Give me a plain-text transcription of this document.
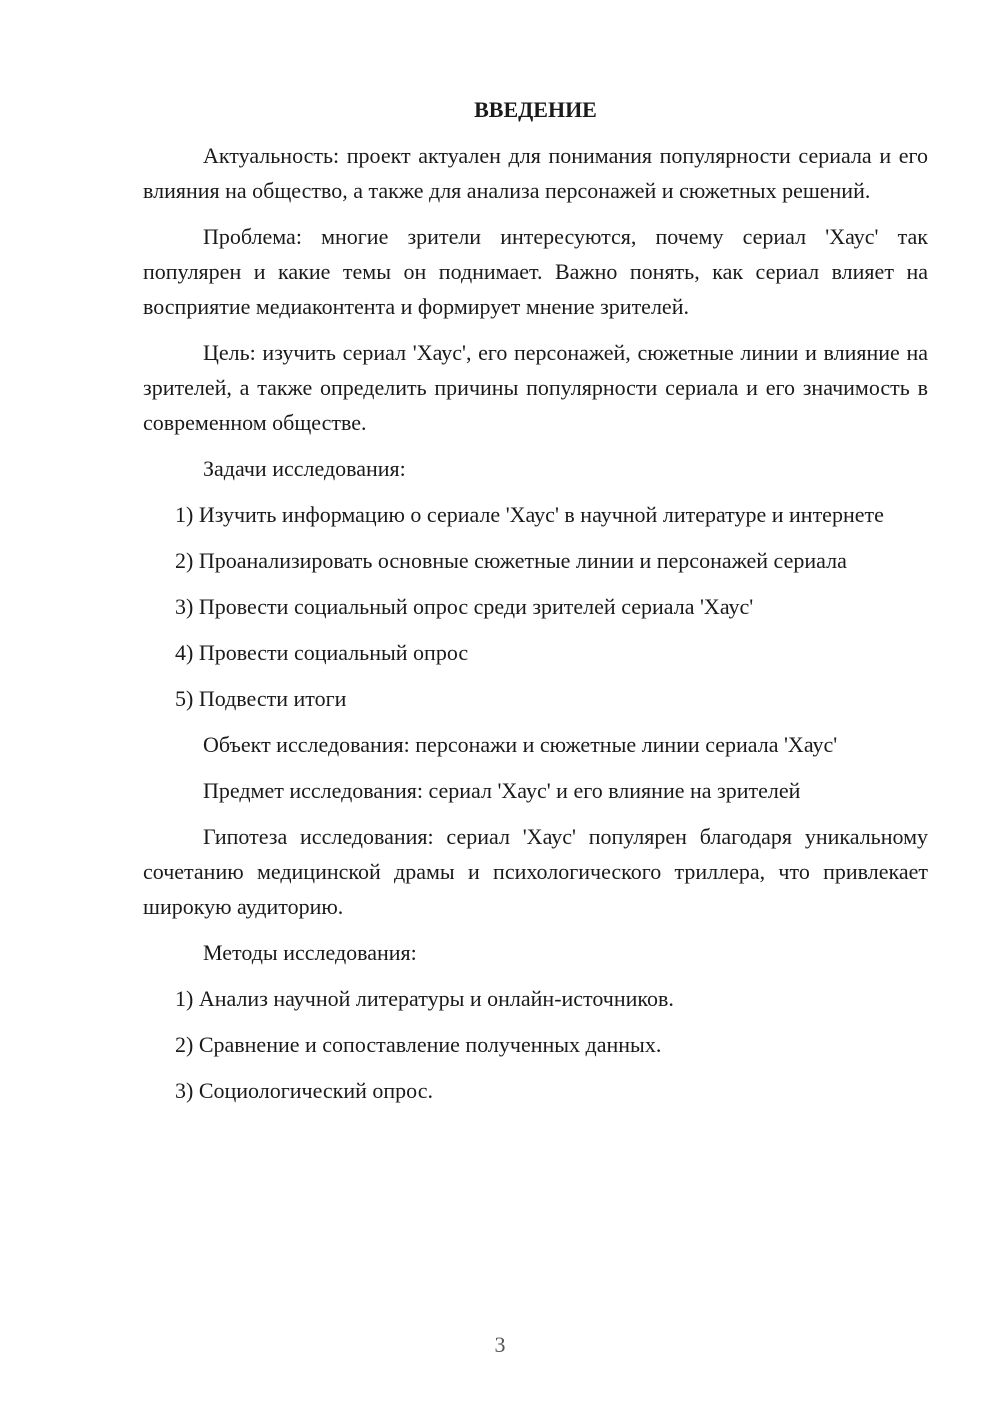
ВВЕДЕНИЕ

Актуальность: проект актуален для понимания популярности сериала и его влияния на общество, а также для анализа персонажей и сюжетных решений.

Проблема: многие зрители интересуются, почему сериал 'Хаус' так популярен и какие темы он поднимает. Важно понять, как сериал влияет на восприятие медиаконтента и формирует мнение зрителей.

Цель: изучить сериал 'Хаус', его персонажей, сюжетные линии и влияние на зрителей, а также определить причины популярности сериала и его значимость в современном обществе.

Задачи исследования:

1) Изучить информацию о сериале 'Хаус' в научной литературе и интернете

2) Проанализировать основные сюжетные линии и персонажей сериала

3) Провести социальный опрос среди зрителей сериала 'Хаус'

4) Провести социальный опрос

5) Подвести итоги

Объект исследования: персонажи и сюжетные линии сериала 'Хаус'

Предмет исследования: сериал 'Хаус' и его влияние на зрителей

Гипотеза исследования: сериал 'Хаус' популярен благодаря уникальному сочетанию медицинской драмы и психологического триллера, что привлекает широкую аудиторию.

Методы исследования:

1) Анализ научной литературы и онлайн-источников.

2) Сравнение и сопоставление полученных данных.

3) Социологический опрос.

3
